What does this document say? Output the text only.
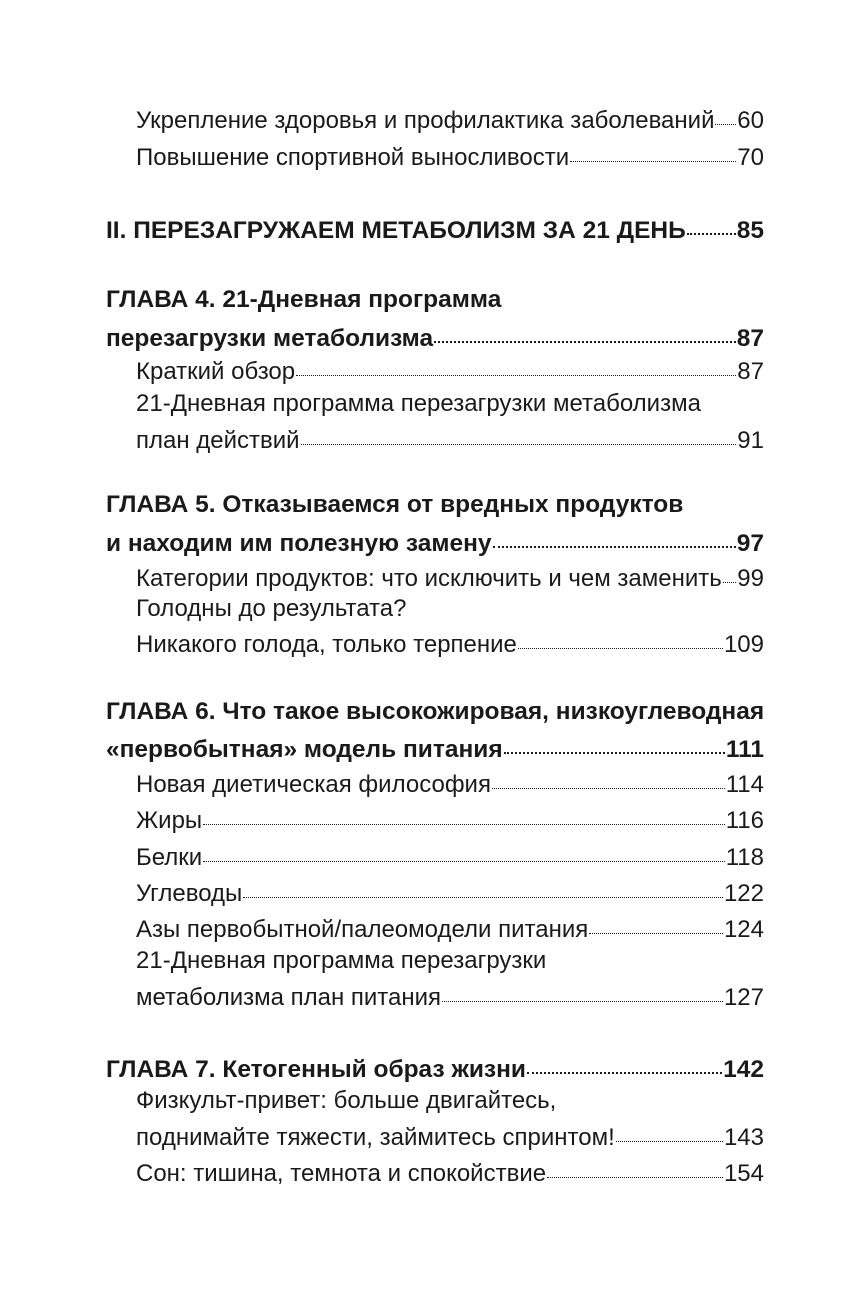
Укрепление здоровья и профилактика заболеваний 60
Повышение спортивной выносливости	70
II. ПЕРЕЗАГРУЖАЕМ МЕТАБОЛИЗМ ЗА 21 ДЕНЬ 85
ГЛАВА 4. 21-Дневная программа
перезагрузки метаболизма	87
Краткий обзор	87
21-Дневная программа перезагрузки метаболизма
план действий	91
ГЛАВА 5. Отказываемся от вредных продуктов
и находим им полезную замену	97
Категории продуктов: что исключить и чем заменить 99
Голодны до результата?
Никакого голода, только терпение	109
ГЛАВА 6. Что такое высокожировая, низкоуглеводная
«первобытная» модель питания	111
Новая диетическая философия	114
Жиры	116
Белки	118
Углеводы	122
Азы первобытной/палеомодели питания	124
21-Дневная программа перезагрузки
метаболизма план питания	127
ГЛАВА 7. Кетогенный образ жизни	142
Физкульт-привет: больше двигайтесь,
поднимайте тяжести, займитесь спринтом!	143
Сон: тишина, темнота и спокойствие	154
